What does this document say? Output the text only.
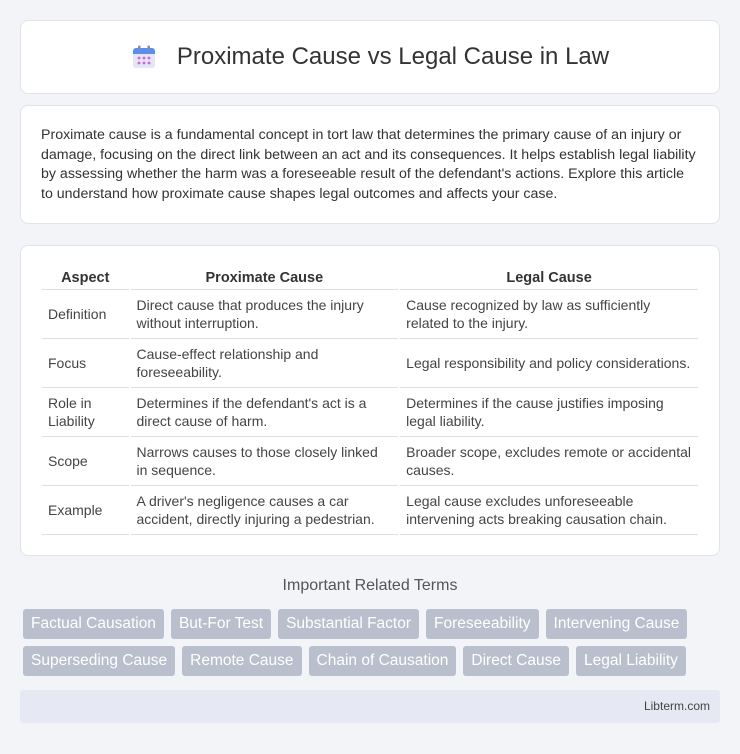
Proximate Cause vs Legal Cause in Law

Proximate cause is a fundamental concept in tort law that determines the primary cause of an injury or damage, focusing on the direct link between an act and its consequences. It helps establish legal liability by assessing whether the harm was a foreseeable result of the defendant's actions. Explore this article to understand how proximate cause shapes legal outcomes and affects your case.

Aspect	Proximate Cause	Legal Cause
Definition	Direct cause that produces the injury without interruption.	Cause recognized by law as sufficiently related to the injury.
Focus	Cause-effect relationship and foreseeability.	Legal responsibility and policy considerations.
Role in Liability	Determines if the defendant's act is a direct cause of harm.	Determines if the cause justifies imposing legal liability.
Scope	Narrows causes to those closely linked in sequence.	Broader scope, excludes remote or accidental causes.
Example	A driver's negligence causes a car accident, directly injuring a pedestrian.	Legal cause excludes unforeseeable intervening acts breaking causation chain.
Important Related Terms
Factual Causation	But-For Test	Substantial Factor	Foreseeability	Intervening Cause
Superseding Cause	Remote Cause	Chain of Causation	Direct Cause	Legal Liability
Libterm.com
